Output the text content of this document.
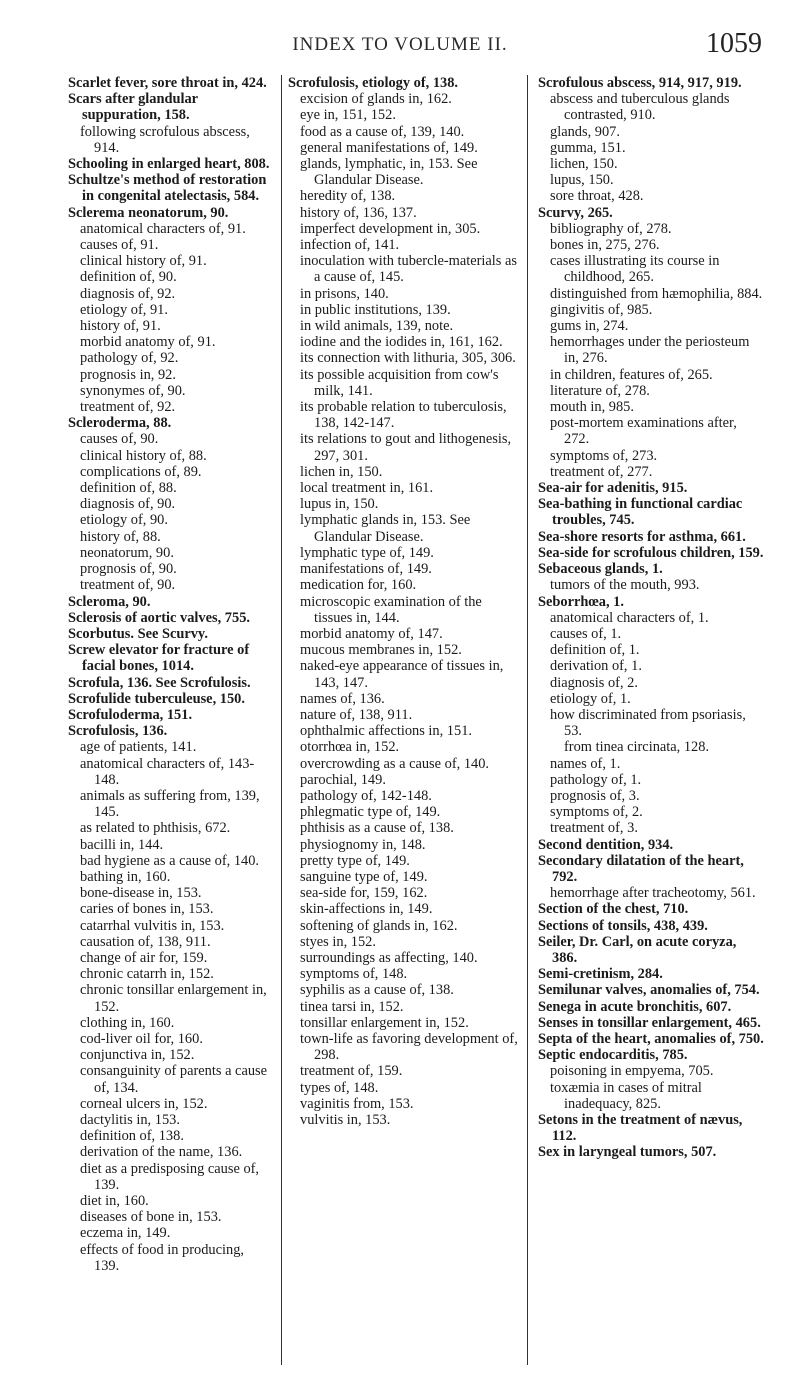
INDEX TO VOLUME II.	1059

Scarlet fever, sore throat in, 424.

Scars after glandular suppuration, 158.

following scrofulous abscess, 914.

Schooling in enlarged heart, 808.

Schultze's method of restoration in congenital atelectasis, 584.

Sclerema neonatorum, 90.

anatomical characters of, 91.

causes of, 91.

clinical history of, 91.

definition of, 90.

diagnosis of, 92.

etiology of, 91.

history of, 91.

morbid anatomy of, 91.

pathology of, 92.

prognosis in, 92.

synonymes of, 90.

treatment of, 92.

Scleroderma, 88.

causes of, 90.

clinical history of, 88.

complications of, 89.

definition of, 88.

diagnosis of, 90.

etiology of, 90.

history of, 88.

neonatorum, 90.

prognosis of, 90.

treatment of, 90.

Scleroma, 90.

Sclerosis of aortic valves, 755.

Scorbutus. See Scurvy.

Screw elevator for fracture of facial bones, 1014.

Scrofula, 136. See Scrofulosis.

Scrofulide tuberculeuse, 150.

Scrofuloderma, 151.

Scrofulosis, 136.

age of patients, 141.

anatomical characters of, 143-148.

animals as suffering from, 139, 145.

as related to phthisis, 672.

bacilli in, 144.

bad hygiene as a cause of, 140.

bathing in, 160.

bone-disease in, 153.

caries of bones in, 153.

catarrhal vulvitis in, 153.

causation of, 138, 911.

change of air for, 159.

chronic catarrh in, 152.

chronic tonsillar enlargement in, 152.

clothing in, 160.

cod-liver oil for, 160.

conjunctiva in, 152.

consanguinity of parents a cause of, 134.

corneal ulcers in, 152.

dactylitis in, 153.

definition of, 138.

derivation of the name, 136.

diet as a predisposing cause of, 139.

diet in, 160.

diseases of bone in, 153.

eczema in, 149.

effects of food in producing, 139.

Scrofulosis, etiology of, 138.

excision of glands in, 162.

eye in, 151, 152.

food as a cause of, 139, 140.

general manifestations of, 149.

glands, lymphatic, in, 153. See Glandular Disease.

heredity of, 138.

history of, 136, 137.

imperfect development in, 305.

infection of, 141.

inoculation with tubercle-materials as a cause of, 145.

in prisons, 140.

in public institutions, 139.

in wild animals, 139, note.

iodine and the iodides in, 161, 162.

its connection with lithuria, 305, 306.

its possible acquisition from cow's milk, 141.

its probable relation to tuberculosis, 138, 142-147.

its relations to gout and lithogenesis, 297, 301.

lichen in, 150.

local treatment in, 161.

lupus in, 150.

lymphatic glands in, 153. See Glandular Disease.

lymphatic type of, 149.

manifestations of, 149.

medication for, 160.

microscopic examination of the tissues in, 144.

morbid anatomy of, 147.

mucous membranes in, 152.

naked-eye appearance of tissues in, 143, 147.

names of, 136.

nature of, 138, 911.

ophthalmic affections in, 151.

otorrhœa in, 152.

overcrowding as a cause of, 140.

parochial, 149.

pathology of, 142-148.

phlegmatic type of, 149.

phthisis as a cause of, 138.

physiognomy in, 148.

pretty type of, 149.

sanguine type of, 149.

sea-side for, 159, 162.

skin-affections in, 149.

softening of glands in, 162.

styes in, 152.

surroundings as affecting, 140.

symptoms of, 148.

syphilis as a cause of, 138.

tinea tarsi in, 152.

tonsillar enlargement in, 152.

town-life as favoring development of, 298.

treatment of, 159.

types of, 148.

vaginitis from, 153.

vulvitis in, 153.

Scrofulous abscess, 914, 917, 919.

abscess and tuberculous glands contrasted, 910.

glands, 907.

gumma, 151.

lichen, 150.

lupus, 150.

sore throat, 428.

Scurvy, 265.

bibliography of, 278.

bones in, 275, 276.

cases illustrating its course in childhood, 265.

distinguished from hæmophilia, 884.

gingivitis of, 985.

gums in, 274.

hemorrhages under the periosteum in, 276.

in children, features of, 265.

literature of, 278.

mouth in, 985.

post-mortem examinations after, 272.

symptoms of, 273.

treatment of, 277.

Sea-air for adenitis, 915.

Sea-bathing in functional cardiac troubles, 745.

Sea-shore resorts for asthma, 661.

Sea-side for scrofulous children, 159.

Sebaceous glands, 1.

tumors of the mouth, 993.

Seborrhœa, 1.

anatomical characters of, 1.

causes of, 1.

definition of, 1.

derivation of, 1.

diagnosis of, 2.

etiology of, 1.

how discriminated from psoriasis, 53.

from tinea circinata, 128.

names of, 1.

pathology of, 1.

prognosis of, 3.

symptoms of, 2.

treatment of, 3.

Second dentition, 934.

Secondary dilatation of the heart, 792.

hemorrhage after tracheotomy, 561.

Section of the chest, 710.

Sections of tonsils, 438, 439.

Seiler, Dr. Carl, on acute coryza, 386.

Semi-cretinism, 284.

Semilunar valves, anomalies of, 754.

Senega in acute bronchitis, 607.

Senses in tonsillar enlargement, 465.

Septa of the heart, anomalies of, 750.

Septic endocarditis, 785.

poisoning in empyema, 705.

toxæmia in cases of mitral inadequacy, 825.

Setons in the treatment of nævus, 112.

Sex in laryngeal tumors, 507.
